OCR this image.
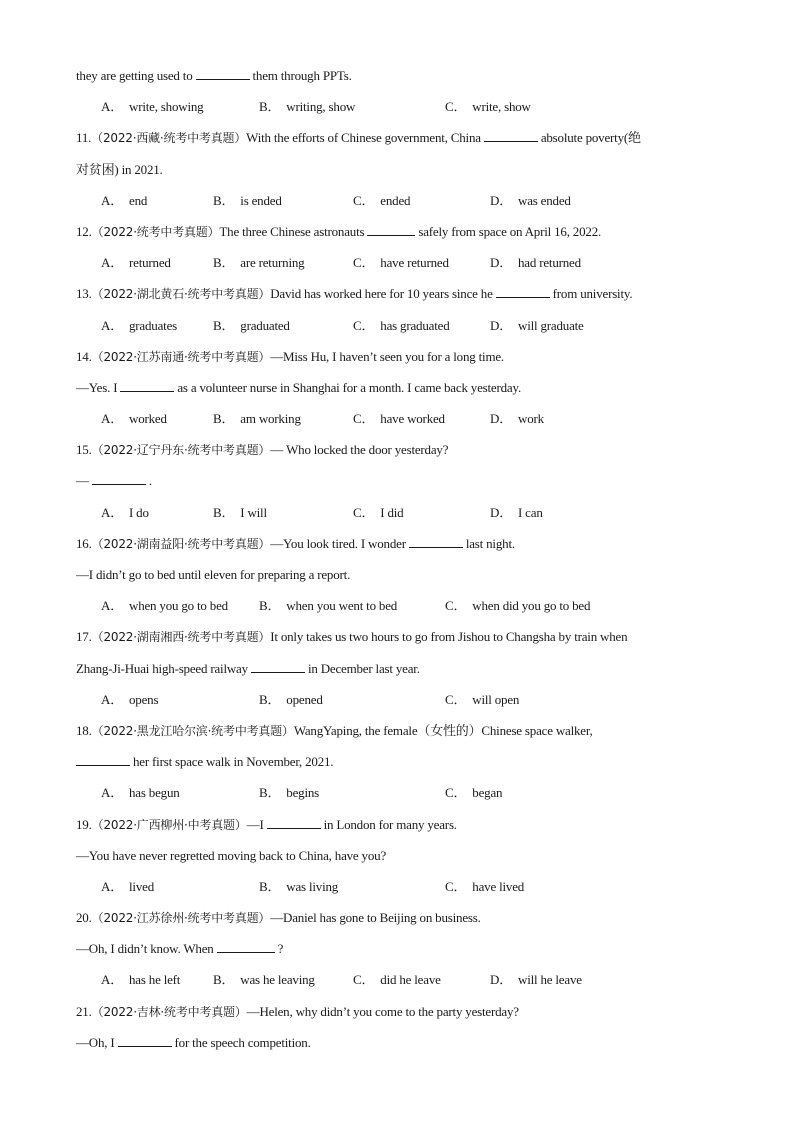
they are getting used to	them through PPTs.
A． write, showing	B． writing, show	C． write, show
11.（2022·西藏·统考中考真题）With the efforts of Chinese government, China	absolute poverty(绝
对贫困) in 2021.
A． end	B． is ended	C． ended	D． was ended
12.（2022·统考中考真题）The three Chinese astronauts	safely from space on April 16, 2022.
A． returned	B． are returning	C． have returned	D． had returned
13.（2022·湖北黄石·统考中考真题）David has worked here for 10 years since he	from university.
A． graduates	B． graduated	C． has graduated	D． will graduate
14.（2022·江苏南通·统考中考真题）—Miss Hu, I haven’t seen you for a long time.
—Yes. I	as a volunteer nurse in Shanghai for a month. I came back yesterday.
A． worked	B． am working	C． have worked	D． work
15.（2022·辽宁丹东·统考中考真题）— Who locked the door yesterday?
—	.
A． I do	B． I will	C． I did	D． I can
16.（2022·湖南益阳·统考中考真题）—You look tired. I wonder	last night.
—I didn’t go to bed until eleven for preparing a report.
A． when you go to bed	B． when you went to bed	C． when did you go to bed
17.（2022·湖南湘西·统考中考真题）It only takes us two hours to go from Jishou to Changsha by train when
Zhang-Ji-Huai high-speed railway	in December last year.
A． opens	B． opened	C． will open
18.（2022·黑龙江哈尔滨·统考中考真题）WangYaping, the female（女性的）Chinese space walker,
her first space walk in November, 2021.
A． has begun	B． begins	C． began
19.（2022·广西柳州·中考真题）—I	in London for many years.
—You have never regretted moving back to China, have you?
A． lived	B． was living	C． have lived
20.（2022·江苏徐州·统考中考真题）—Daniel has gone to Beijing on business.
—Oh, I didn’t know. When	?
A． has he left	B． was he leaving	C． did he leave	D． will he leave
21.（2022·吉林·统考中考真题）—Helen, why didn’t you come to the party yesterday?
—Oh, I	for the speech competition.
